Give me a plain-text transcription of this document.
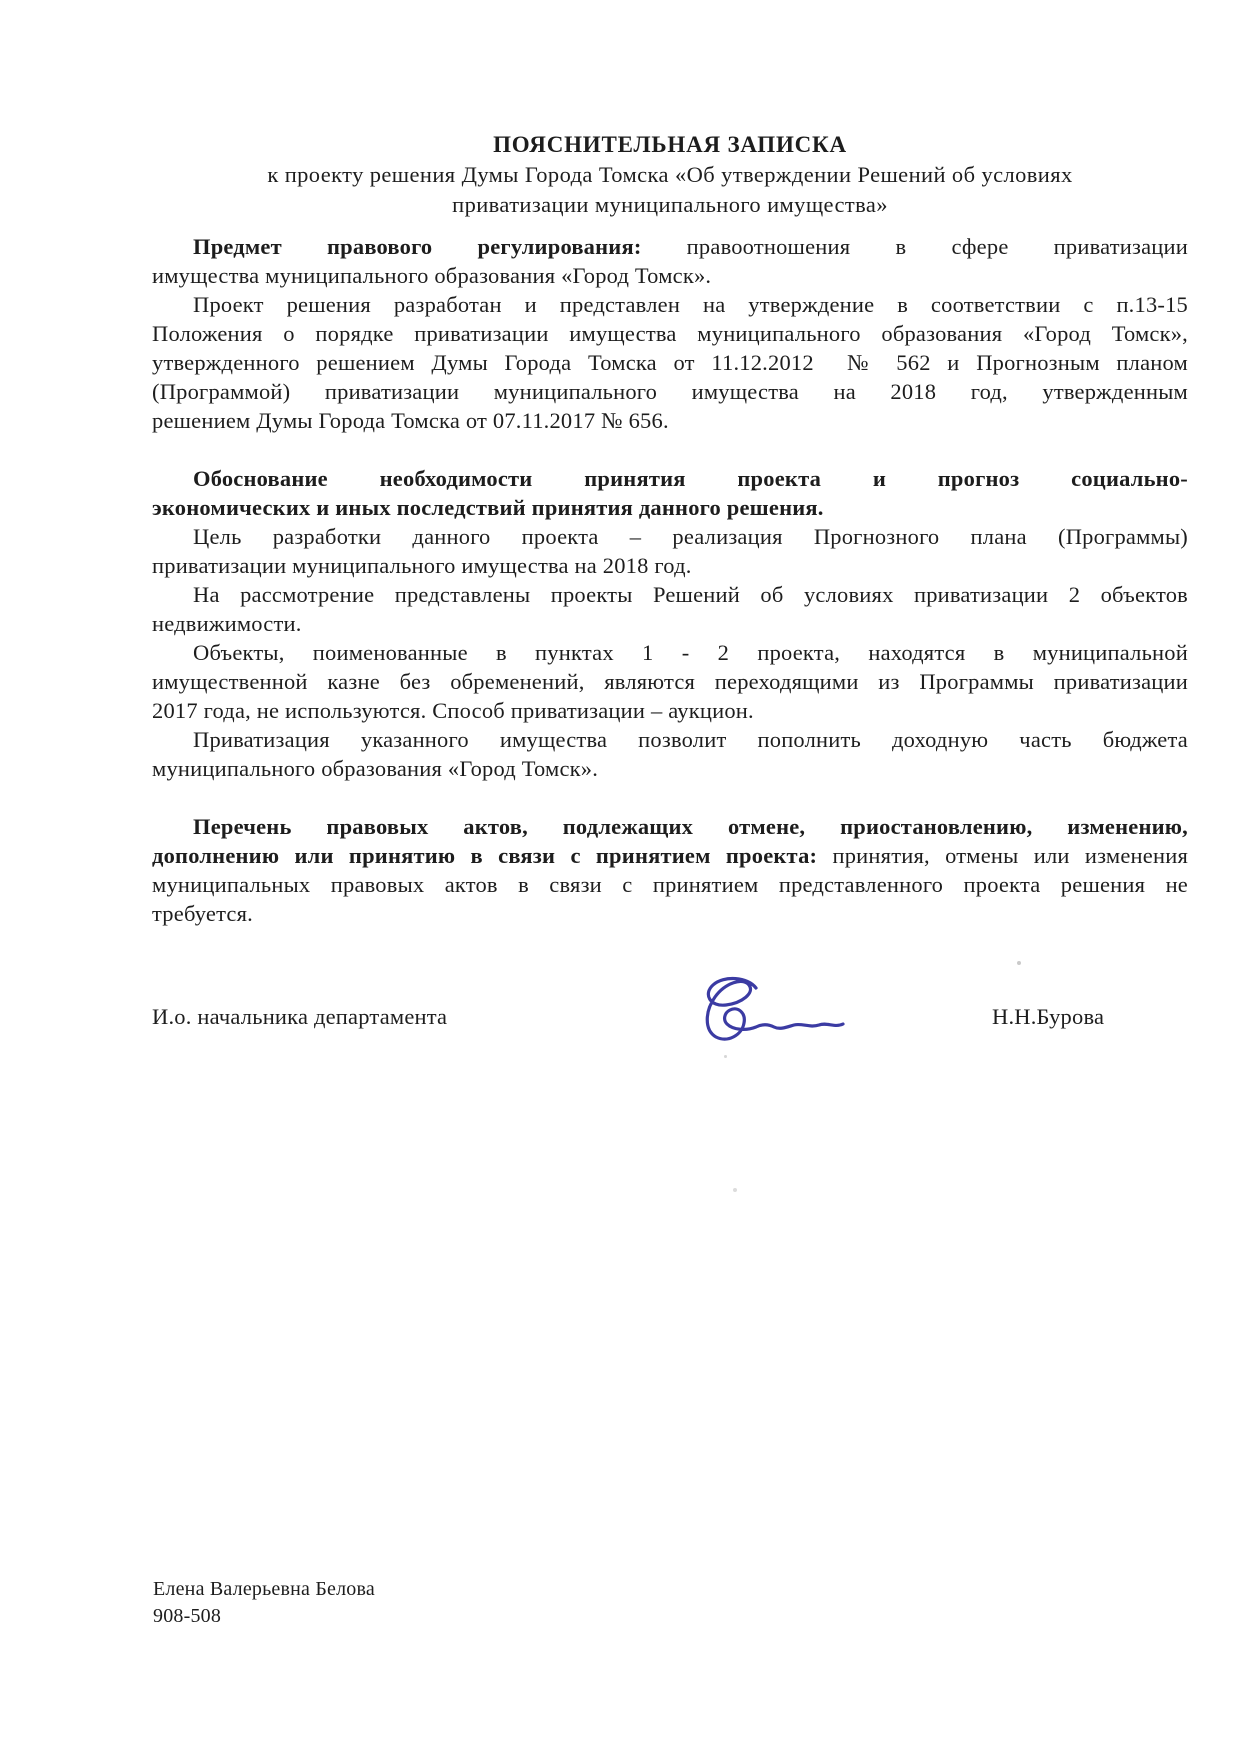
ПОЯСНИТЕЛЬНАЯ ЗАПИСКА
к проекту решения Думы Города Томска «Об утверждении Решений об условиях
приватизации муниципального имущества»
Предмет правового регулирования: правоотношения в сфере приватизации
имущества муниципального образования «Город Томск».
Проект решения разработан и представлен на утверждение в соответствии с п.13-15
Положения о порядке приватизации имущества муниципального образования «Город Томск»,
утвержденного решением Думы Города Томска от 11.12.2012  № 562 и Прогнозным планом
(Программой) приватизации муниципального имущества на 2018 год, утвержденным
решением Думы Города Томска от 07.11.2017 № 656.
Обоснование необходимости принятия проекта и прогноз социально-
экономических и иных последствий принятия данного решения.
Цель разработки данного проекта – реализация Прогнозного плана (Программы)
приватизации муниципального имущества на 2018 год.
На рассмотрение представлены проекты Решений об условиях приватизации 2 объектов
недвижимости.
Объекты, поименованные в пунктах 1 - 2 проекта, находятся в муниципальной
имущественной казне без обременений, являются переходящими из Программы приватизации
2017 года, не используются. Способ приватизации – аукцион.
Приватизация указанного имущества позволит пополнить доходную часть бюджета
муниципального образования «Город Томск».
Перечень правовых актов, подлежащих отмене, приостановлению, изменению,
дополнению или принятию в связи с принятием проекта: принятия, отмены или изменения
муниципальных правовых актов в связи с принятием представленного проекта решения не
требуется.
И.о. начальника департамента	Н.Н.Бурова
Елена Валерьевна Белова
908-508
